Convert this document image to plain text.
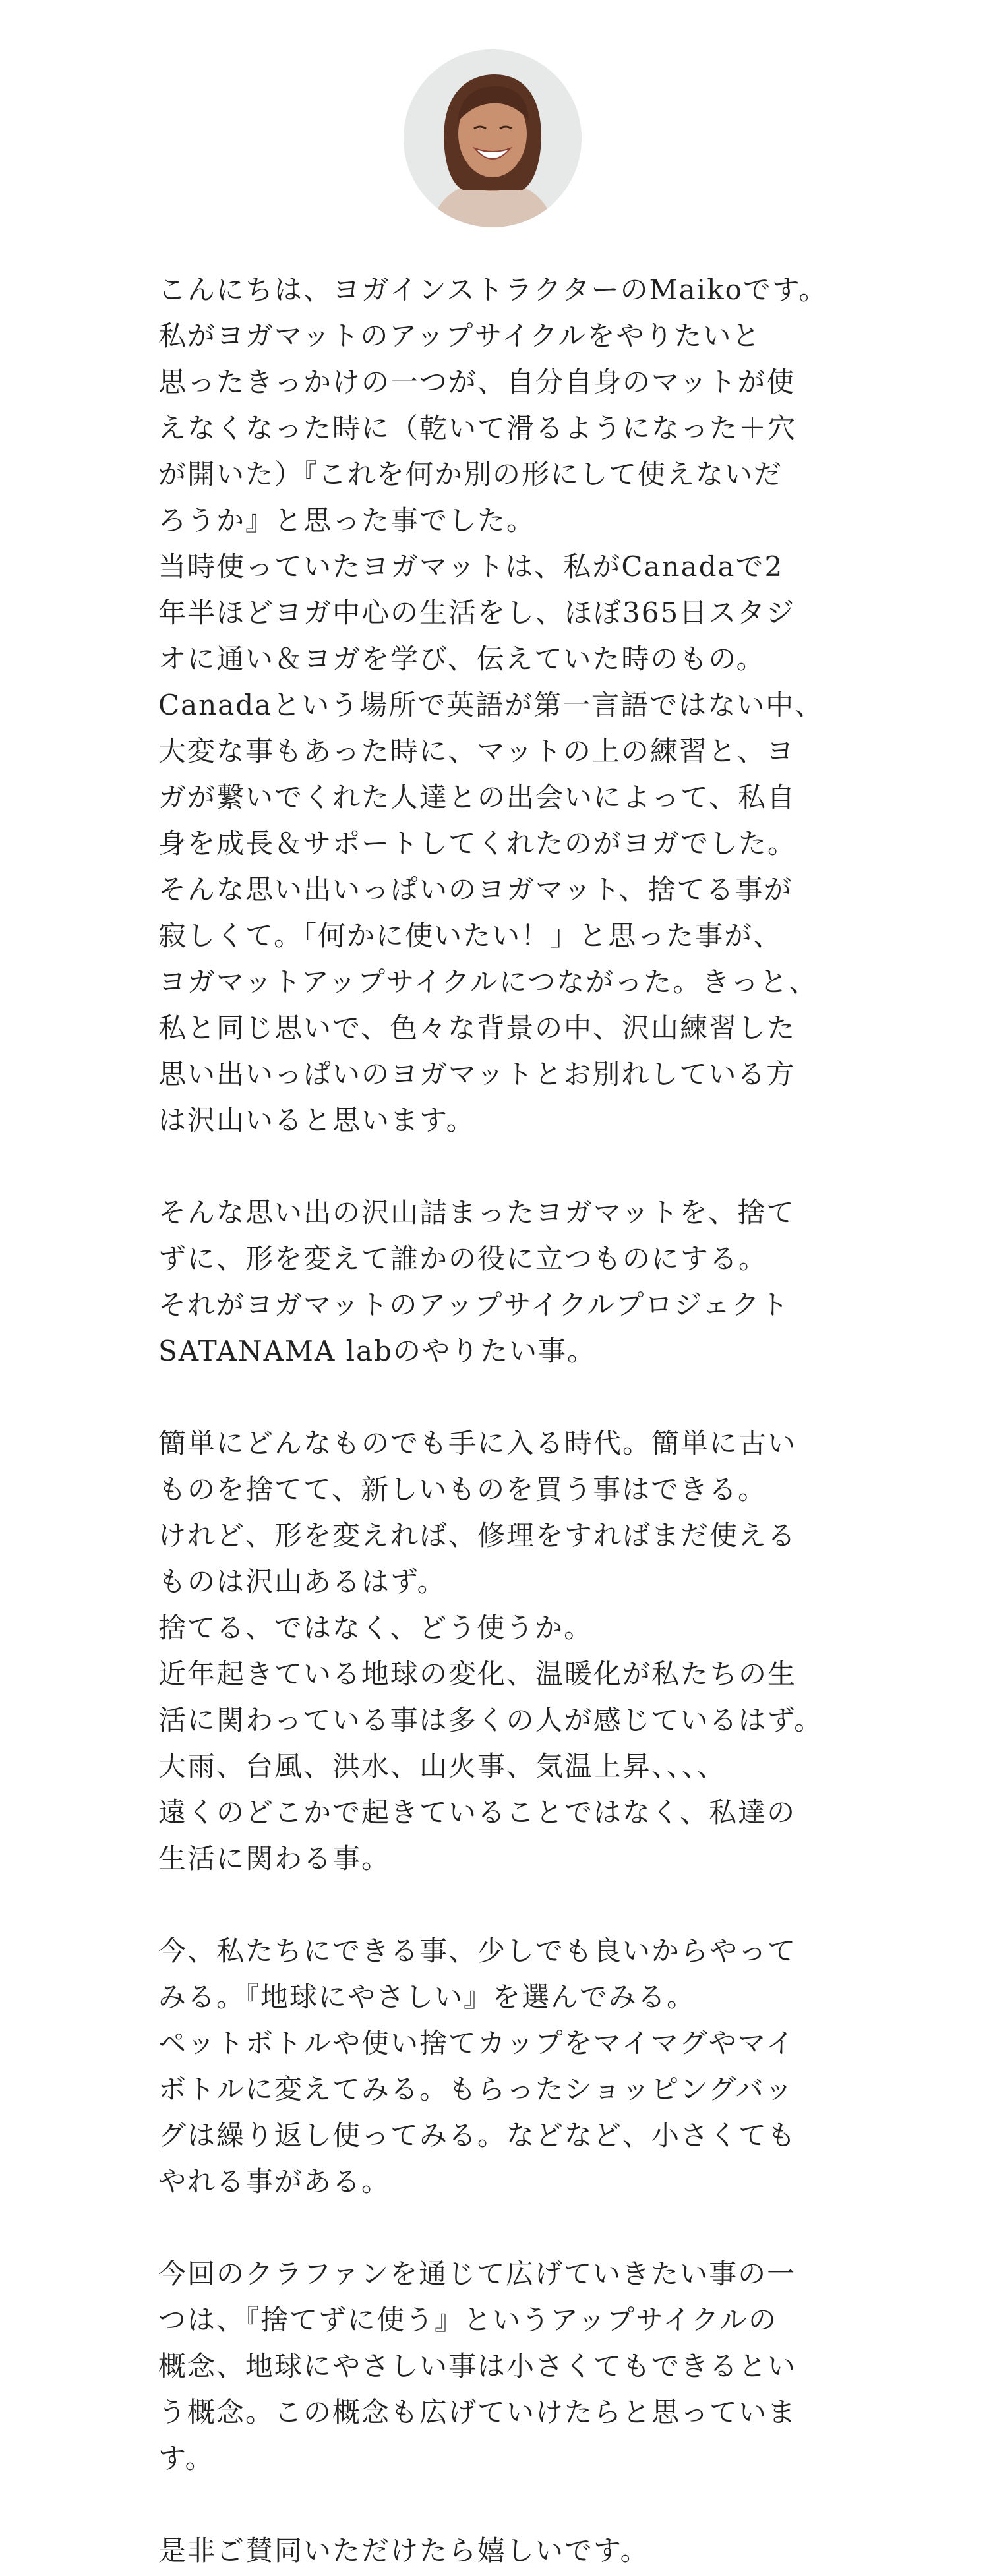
こんにちは、ヨガインストラクターのMaikoです。
私がヨガマットのアップサイクルをやりたいと
思ったきっかけの一つが、自分自身のマットが使
えなくなった時に（乾いて滑るようになった＋穴
が開いた）『これを何か別の形にして使えないだ
ろうか』と思った事でした。
当時使っていたヨガマットは、私がCanadaで2
年半ほどヨガ中心の生活をし、ほぼ365日スタジ
オに通い＆ヨガを学び、伝えていた時のもの。
Canadaという場所で英語が第一言語ではない中、
大変な事もあった時に、マットの上の練習と、ヨ
ガが繋いでくれた人達との出会いによって、私自
身を成長＆サポートしてくれたのがヨガでした。
そんな思い出いっぱいのヨガマット、捨てる事が
寂しくて。「何かに使いたい！」と思った事が、
ヨガマットアップサイクルにつながった。きっと、
私と同じ思いで、色々な背景の中、沢山練習した
思い出いっぱいのヨガマットとお別れしている方
は沢山いると思います。
そんな思い出の沢山詰まったヨガマットを、捨て
ずに、形を変えて誰かの役に立つものにする。
それがヨガマットのアップサイクルプロジェクト
SATANAMA labのやりたい事。
簡単にどんなものでも手に入る時代。簡単に古い
ものを捨てて、新しいものを買う事はできる。
けれど、形を変えれば、修理をすればまだ使える
ものは沢山あるはず。
捨てる、ではなく、どう使うか。
近年起きている地球の変化、温暖化が私たちの生
活に関わっている事は多くの人が感じているはず。
大雨、台風、洪水、山火事、気温上昇、、、、
遠くのどこかで起きていることではなく、私達の
生活に関わる事。
今、私たちにできる事、少しでも良いからやって
みる。『地球にやさしい』を選んでみる。
ペットボトルや使い捨てカップをマイマグやマイ
ボトルに変えてみる。もらったショッピングバッ
グは繰り返し使ってみる。などなど、小さくても
やれる事がある。
今回のクラファンを通じて広げていきたい事の一
つは、『捨てずに使う』というアップサイクルの
概念、地球にやさしい事は小さくてもできるとい
う概念。この概念も広げていけたらと思っていま
す。
是非ご賛同いただけたら嬉しいです。
